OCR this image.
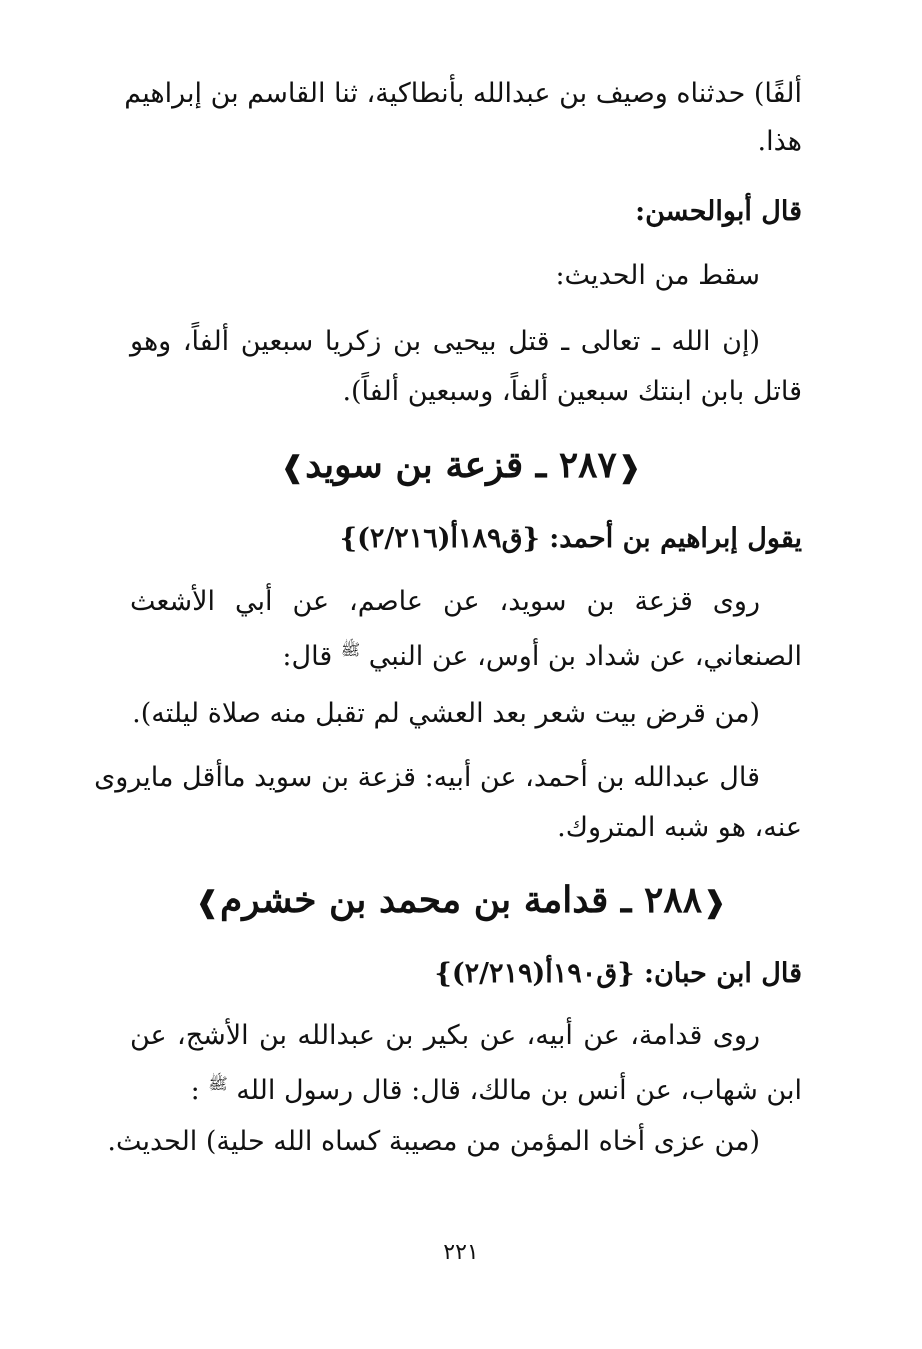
ألفًا) حدثناه وصيف بن عبدالله بأنطاكية، ثنا القاسم بن إبراهيم
هذا.
قال أبوالحسن:
سقط من الحديث:
(إن الله ـ تعالى ـ قتل بيحيى بن زكريا سبعين ألفاً، وهو
قاتل بابن ابنتك سبعين ألفاً، وسبعين ألفاً).
❰٢٨٧ ـ قزعة بن سويد❱
يقول إبراهيم بن أحمد: {ق١٨٩أ(٢/٢١٦)}
روى قزعة بن سويد، عن عاصم، عن أبي الأشعث
الصنعاني، عن شداد بن أوس، عن النبي $^ﷺ$ قال:
(من قرض بيت شعر بعد العشي لم تقبل منه صلاة ليلته).
قال عبدالله بن أحمد، عن أبيه: قزعة بن سويد ماأقل مايروى
عنه، هو شبه المتروك.
❰٢٨٨ ـ قدامة بن محمد بن خشرم❱
قال ابن حبان: {ق١٩٠أ(٢/٢١٩)}
روى قدامة، عن أبيه، عن بكير بن عبدالله بن الأشج، عن
ابن شهاب، عن أنس بن مالك، قال: قال رسول الله $^ﷺ$ :
(من عزى أخاه المؤمن من مصيبة كساه الله حلية) الحديث.
٢٢١
